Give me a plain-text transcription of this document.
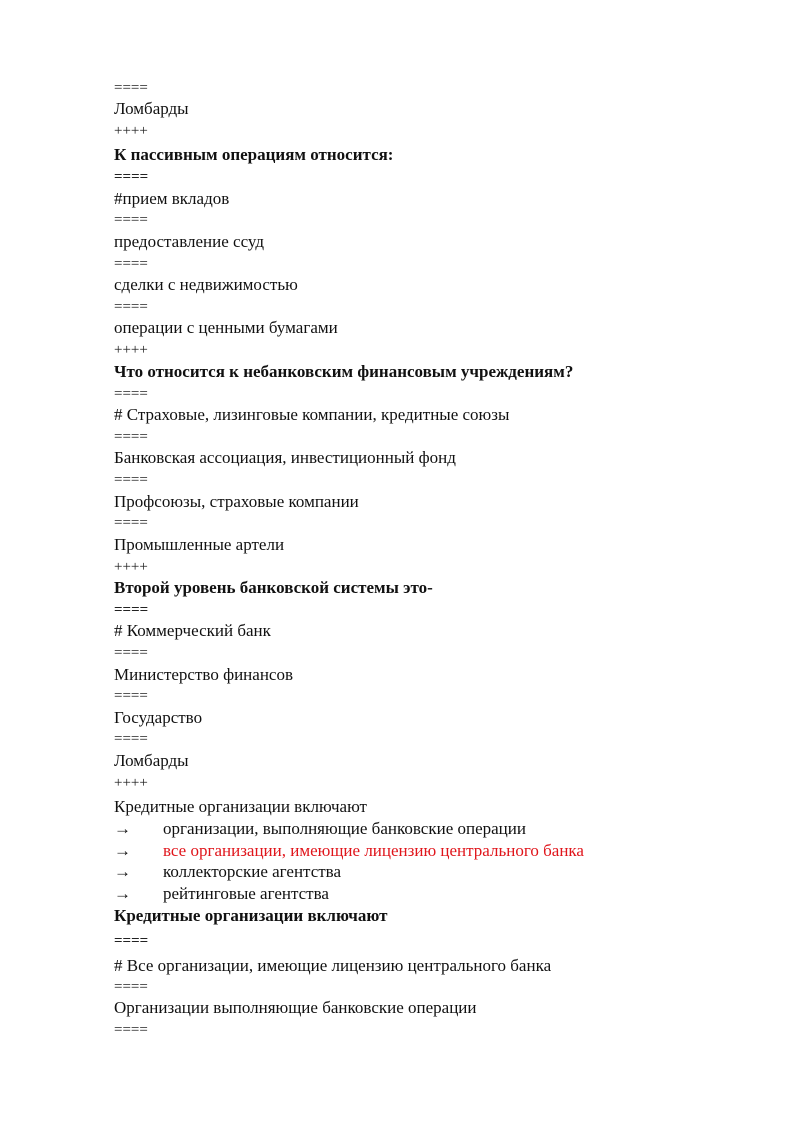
====
Ломбарды
++++
К пассивным операциям относится:
====
#прием вкладов
====
предоставление ссуд
====
сделки с недвижимостью
====
операции с ценными бумагами
++++
Что относится к небанковским финансовым учреждениям?
====
# Страховые, лизинговые компании, кредитные союзы
====
Банковская ассоциация, инвестиционный фонд
====
Профсоюзы, страховые компании
====
Промышленные артели
++++
Второй уровень банковской системы это-
====
# Коммерческий банк
====
Министерство финансов
====
Государство
====
Ломбарды
++++
Кредитные организации включают
→ организации, выполняющие банковские операции
→ все организации, имеющие лицензию центрального банка
→ коллекторские агентства
→ рейтинговые агентства
Кредитные организации включают
====
# Все организации, имеющие лицензию центрального банка
====
Организации выполняющие банковские операции
====
